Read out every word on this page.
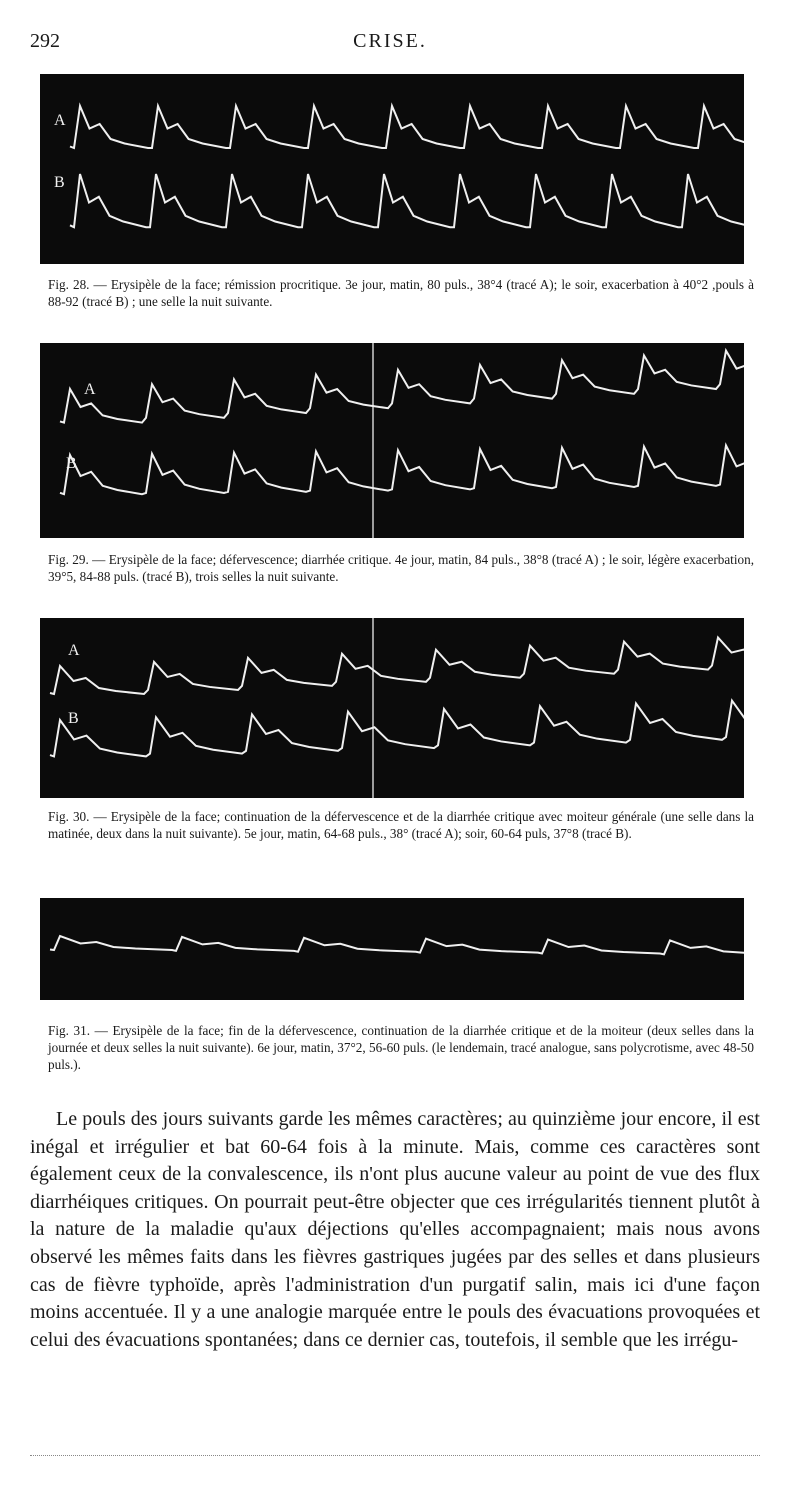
292	CRISE.
A
B
Fig. 28. — Erysipèle de la face; rémission procritique. 3e jour, matin, 80 puls., 38°4 (tracé A); le soir, exacerbation à 40°2 ,pouls à 88-92 (tracé B) ; une selle la nuit suivante.
A
B
Fig. 29. — Erysipèle de la face; défervescence; diarrhée critique. 4e jour, matin, 84 puls., 38°8 (tracé A) ; le soir, légère exacerbation, 39°5, 84-88 puls. (tracé B), trois selles la nuit suivante.
A
B
Fig. 30. — Erysipèle de la face; continuation de la défervescence et de la diarrhée critique avec moiteur générale (une selle dans la matinée, deux dans la nuit suivante). 5e jour, matin, 64-68 puls., 38° (tracé A); soir, 60-64 puls, 37°8 (tracé B).
Fig. 31. — Erysipèle de la face; fin de la défervescence, continuation de la diarrhée critique et de la moiteur (deux selles dans la journée et deux selles la nuit suivante). 6e jour, matin, 37°2, 56-60 puls. (le lendemain, tracé analogue, sans polycrotisme, avec 48-50 puls.).
Le pouls des jours suivants garde les mêmes caractères; au quinzième jour encore, il est inégal et irrégulier et bat 60-64 fois à la minute. Mais, comme ces caractères sont également ceux de la convalescence, ils n'ont plus aucune valeur au point de vue des flux diarrhéiques critiques. On pourrait peut-être objecter que ces irrégularités tiennent plutôt à la nature de la maladie qu'aux déjections qu'elles accompagnaient; mais nous avons observé les mêmes faits dans les fièvres gastriques jugées par des selles et dans plusieurs cas de fièvre typhoïde, après l'administration d'un purgatif salin, mais ici d'une façon moins accentuée. Il y a une analogie marquée entre le pouls des évacuations provoquées et celui des évacuations spontanées; dans ce dernier cas, toutefois, il semble que les irrégu-
